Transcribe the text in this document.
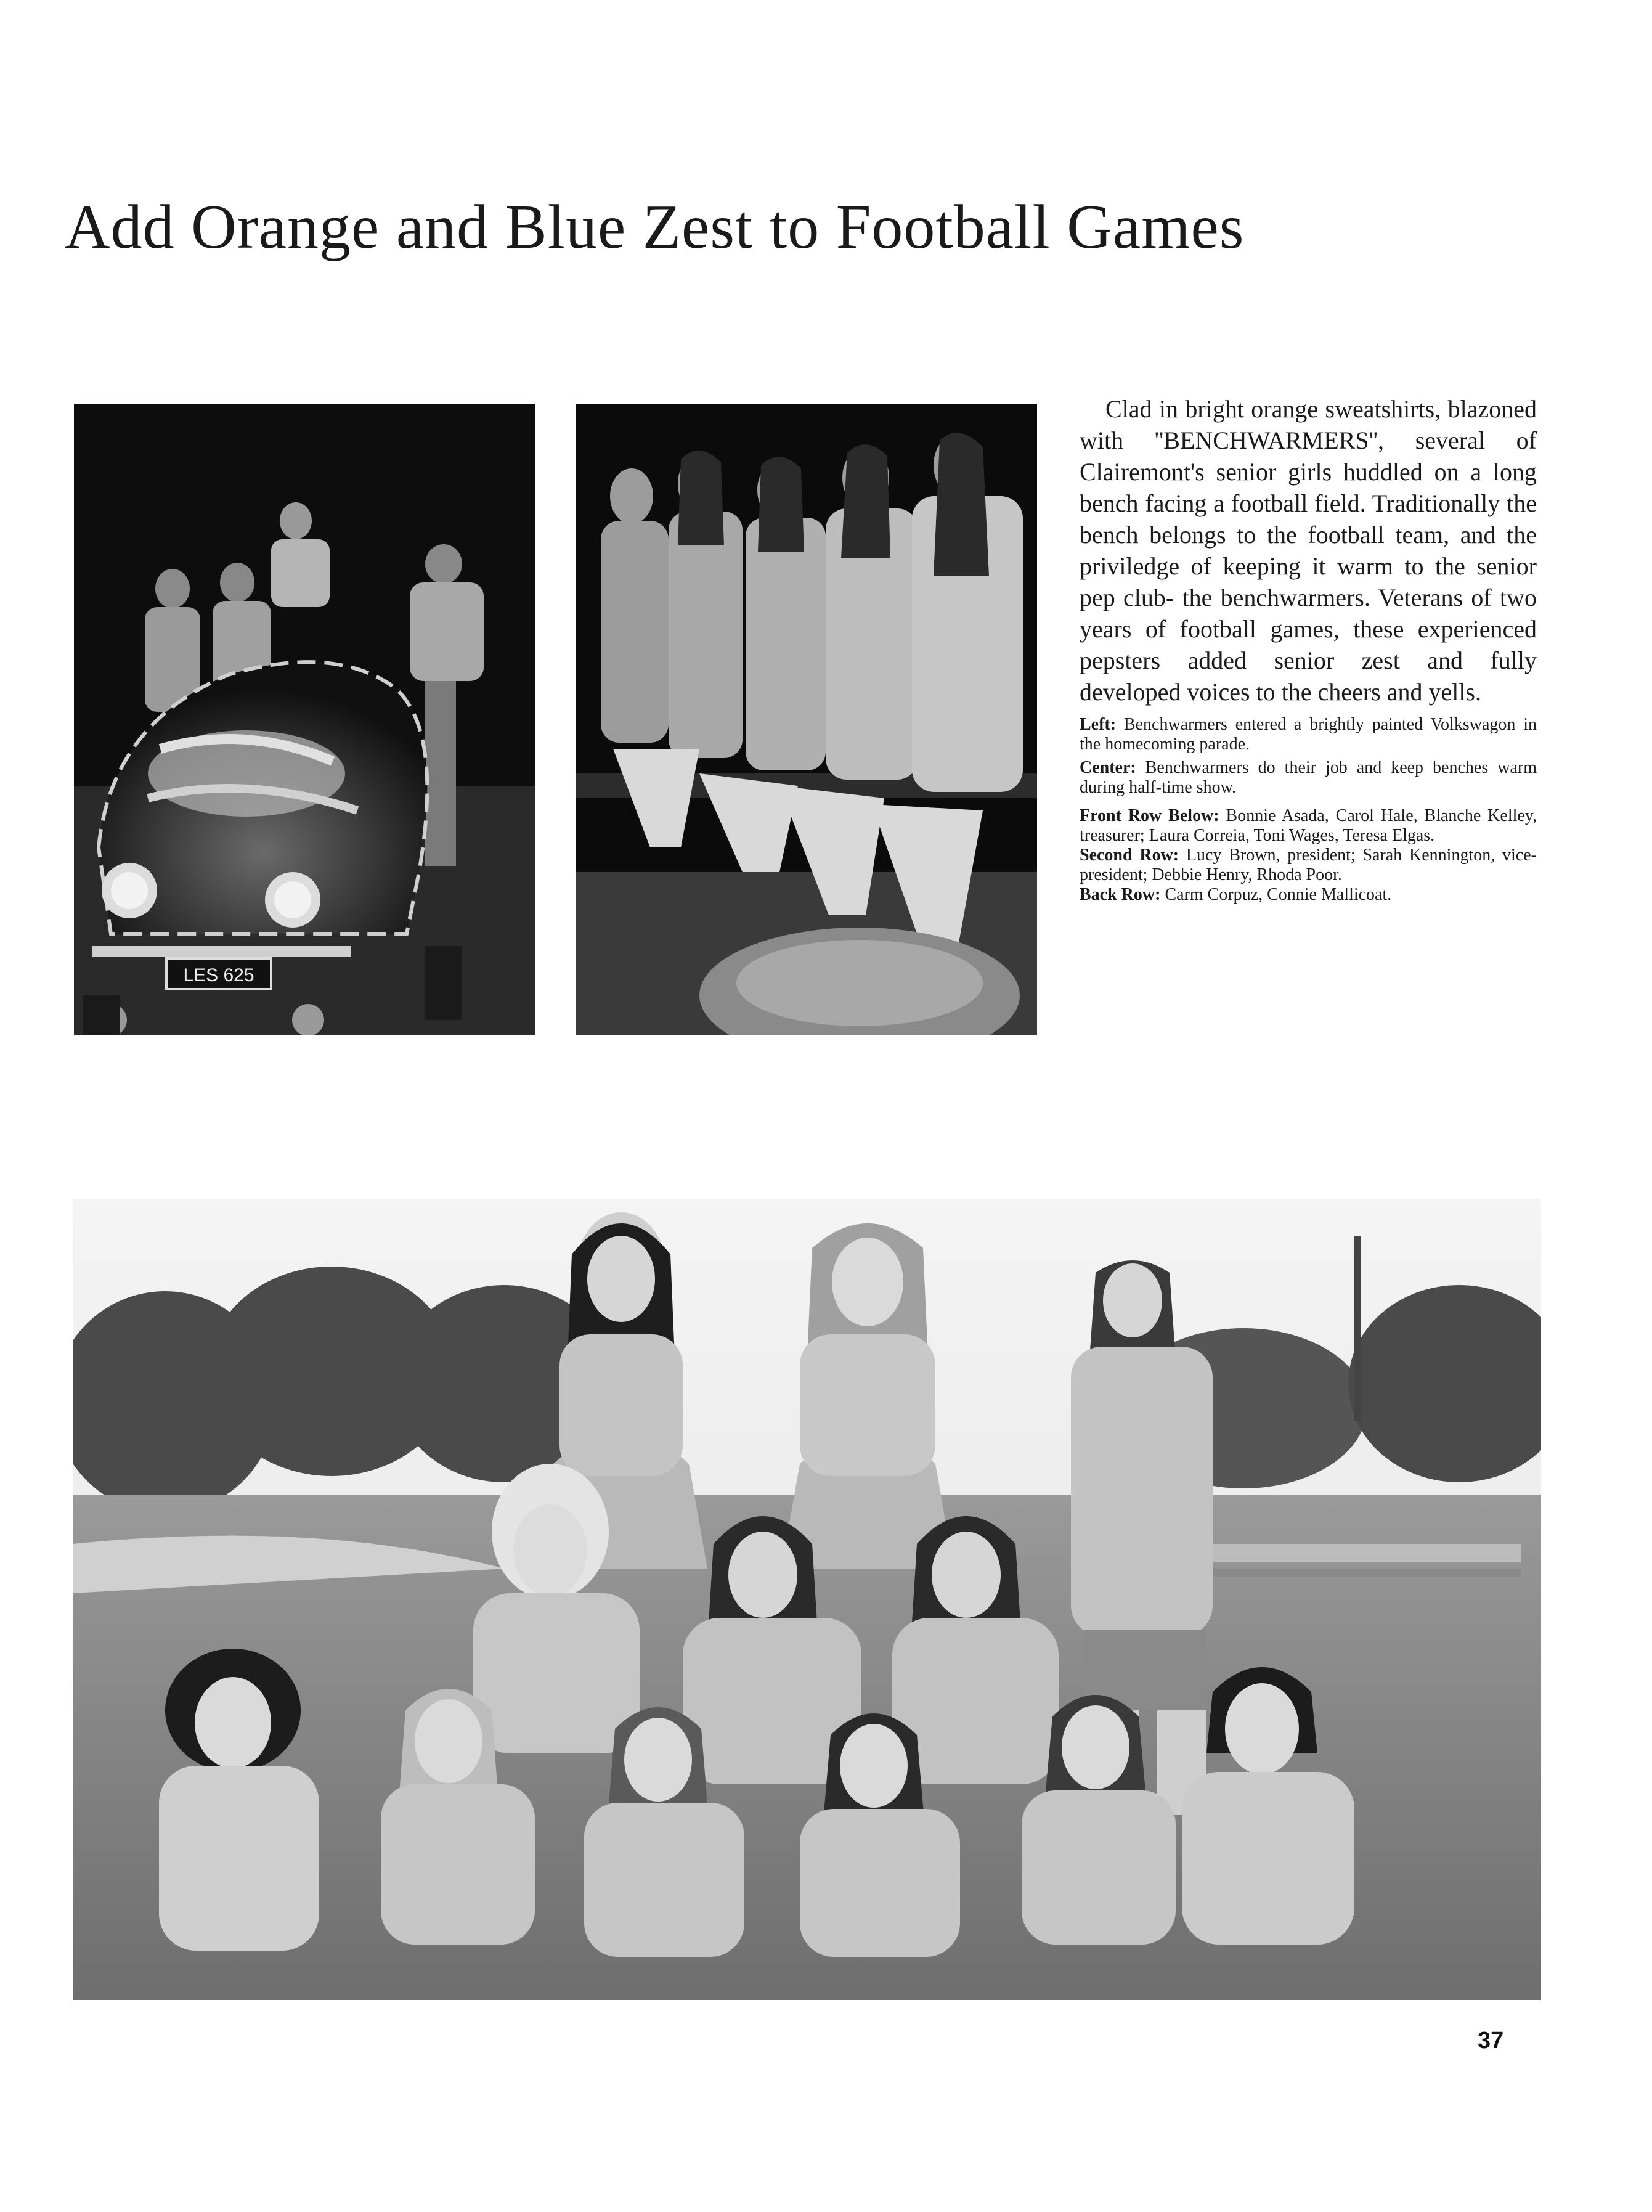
Add Orange and Blue Zest to Football Games
LES 625

Clad in bright orange sweatshirts, blazoned with ''BENCHWARMERS'', several of Clairemont's senior girls huddled on a long bench facing a football field. Traditionally the bench belongs to the football team, and the priviledge of keeping it warm to the senior pep club- the benchwarmers. Veterans of two years of football games, these experienced pepsters added senior zest and fully developed voices to the cheers and yells.

Left: Benchwarmers entered a brightly painted Volkswagon in the homecoming parade.

Center: Benchwarmers do their job and keep benches warm during half-time show.

Front Row Below: Bonnie Asada, Carol Hale, Blanche Kelley, treasurer; Laura Correia, Toni Wages, Teresa Elgas.

Second Row: Lucy Brown, president; Sarah Kennington, vice-president; Debbie Henry, Rhoda Poor.

Back Row: Carm Corpuz, Connie Mallicoat.

37
